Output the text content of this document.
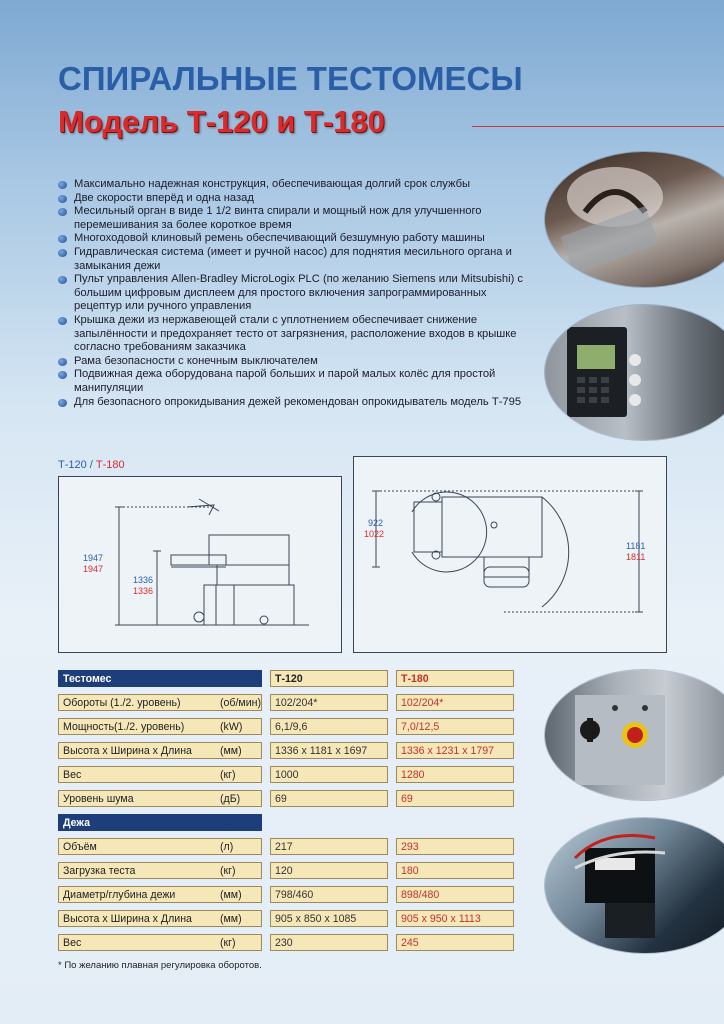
СПИРАЛЬНЫЕ ТЕСТОМЕСЫ
Модель Т-120 и Т-180
Максимально надежная конструкция, обеспечивающая долгий срок службы
Две скорости вперёд и одна назад
Месильный орган в виде 1 1/2 винта спирали и мощный нож для улучшенного перемешивания за более короткое время
Многоходовой клиновый ремень обеспечивающий безшумную работу машины
Гидравлическая система (имеет и ручной насос) для поднятия месильного органа и замыкания дежи
Пульт управления Allen-Bradley MicroLogix PLC (по желанию Siemens или Mitsubishi) с большим цифровым дисплеем для простого включения запрограммированных рецептур или ручного управления
Крышка дежи из нержавеющей стали с уплотнением обеспечивает снижение запылённости и предохраняет тесто от загрязнения, расположение входов в крышке согласно требованиям заказчика
Рама безопасности с конечным выключателем
Подвижная дежа оборудована парой больших и парой малых колёс для простой манипуляции
Для безопасного опрокидывания дежей рекомендован опрокидыватель модель Т-795
Т-120 / Т-180
1947
1947
1336
1336
922
1022
1181
1811
Тестомес	Т-120	Т-180
Обороты (1./2. уровень)	(об/мин)	102/204*	102/204*
Мощность(1./2. уровень)	(kW)	6,1/9,6	7,0/12,5
Высота x Ширина x Длина	(мм)	1336 x 1181 x 1697	1336 x 1231 x 1797
Вес	(кг)	1000	1280
Уровень шума	(дБ)	69	69
Дежа
Объём	(л)	217	293
Загрузка теста	(кг)	120	180
Диаметр/глубина дежи	(мм)	798/460	898/480
Высота x Ширина x Длина	(мм)	905 x 850 x 1085	905 x 950 x 1113
Вес	(кг)	230	245
* По желанию плавная регулировка оборотов.
